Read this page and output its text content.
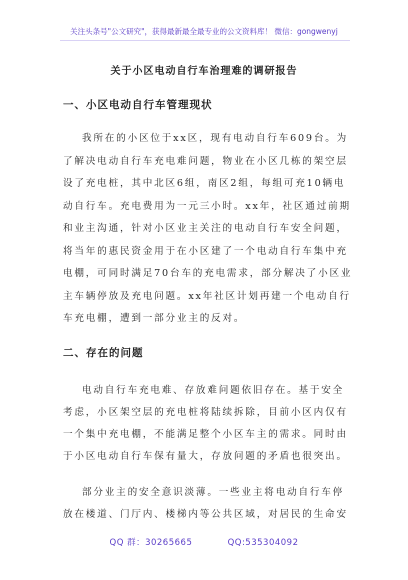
关注头条号"公文研究"，获得最新最全最专业的公文资料库！ 微信：gongwenyj
关于小区电动自行车治理难的调研报告
一、小区电动自行车管理现状
我所在的小区位于xx区，现有电动自行车609台。为
了解决电动自行车充电难问题，物业在小区几栋的架空层
设了充电桩，其中北区6组，南区2组，每组可充10辆电
动自行车。充电费用为一元三小时。xx年，社区通过前期
和业主沟通，针对小区业主关注的电动自行车安全问题，
将当年的惠民资金用于在小区建了一个电动自行车集中充
电棚，可同时满足70台车的充电需求，部分解决了小区业
主车辆停放及充电问题。xx年社区计划再建一个电动自行
车充电棚，遭到一部分业主的反对。
二、存在的问题
电动自行车充电难、存放难问题依旧存在。基于安全
考虑，小区架空层的充电桩将陆续拆除，目前小区内仅有
一个集中充电棚，不能满足整个小区车主的需求。同时由
于小区电动自行车保有量大，存放问题的矛盾也很突出。
部分业主的安全意识淡薄。一些业主将电动自行车停
放在楼道、门厅内、楼梯内等公共区域，对居民的生命安
QQ 群：30265665	QQ:535304092
